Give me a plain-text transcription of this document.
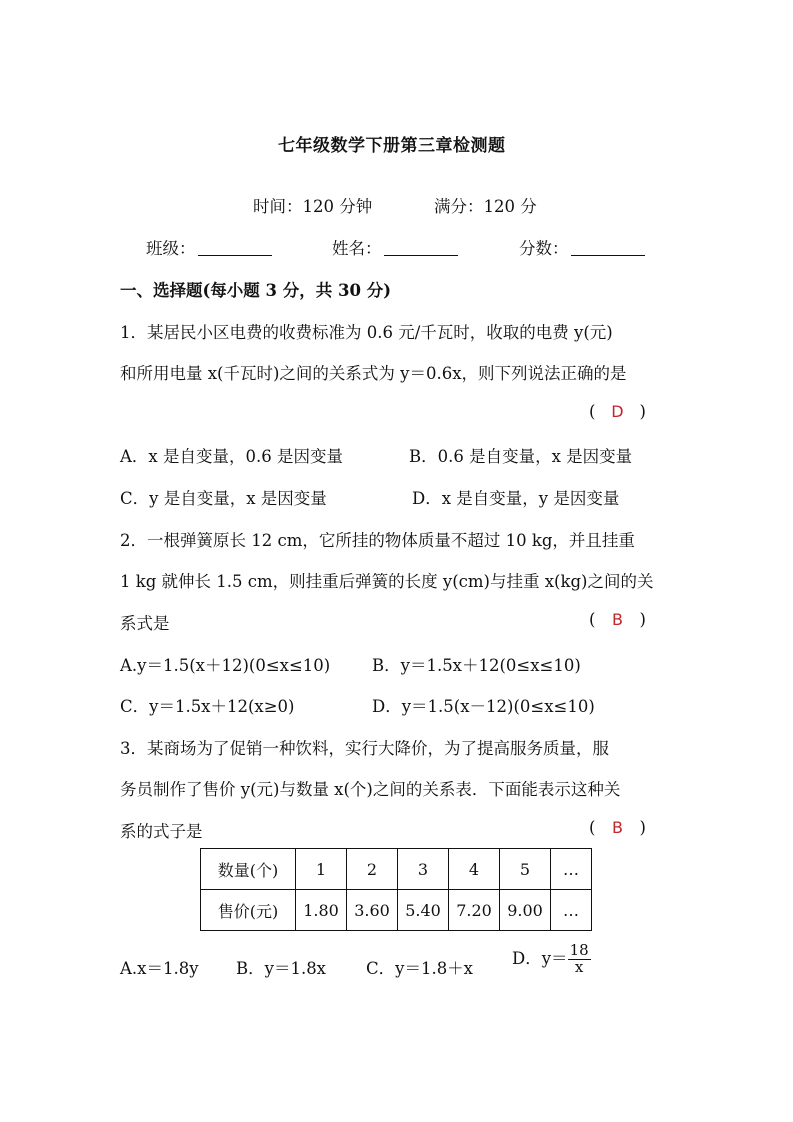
七年级数学下册第三章检测题
时间：120 分钟	满分：120 分
班级：	姓名：	分数：
一、选择题(每小题 3 分，共 30 分)
1．某居民小区电费的收费标准为 0.6 元/千瓦时，收取的电费 y(元)
和所用电量 x(千瓦时)之间的关系式为 y＝0.6x，则下列说法正确的是
( D )
A．x 是自变量，0.6 是因变量	B．0.6 是自变量，x 是因变量
C．y 是自变量，x 是因变量	D．x 是自变量，y 是因变量
2．一根弹簧原长 12 cm，它所挂的物体质量不超过 10 kg，并且挂重
1 kg 就伸长 1.5 cm，则挂重后弹簧的长度 y(cm)与挂重 x(kg)之间的关
系式是	( B )
A.y＝1.5(x＋12)(0≤x≤10)	B．y＝1.5x＋12(0≤x≤10)
C．y＝1.5x＋12(x≥0)	D．y＝1.5(x－12)(0≤x≤10)
3．某商场为了促销一种饮料，实行大降价，为了提高服务质量，服
务员制作了售价 y(元)与数量 x(个)之间的关系表．下面能表示这种关
系的式子是	( B )
数量(个)	1	2	3	4	5	…
售价(元)	1.80	3.60	5.40	7.20	9.00	…
A.x＝1.8y B．y＝1.8x C．y＝1.8＋x
D．$y= \frac{18}{x}$
